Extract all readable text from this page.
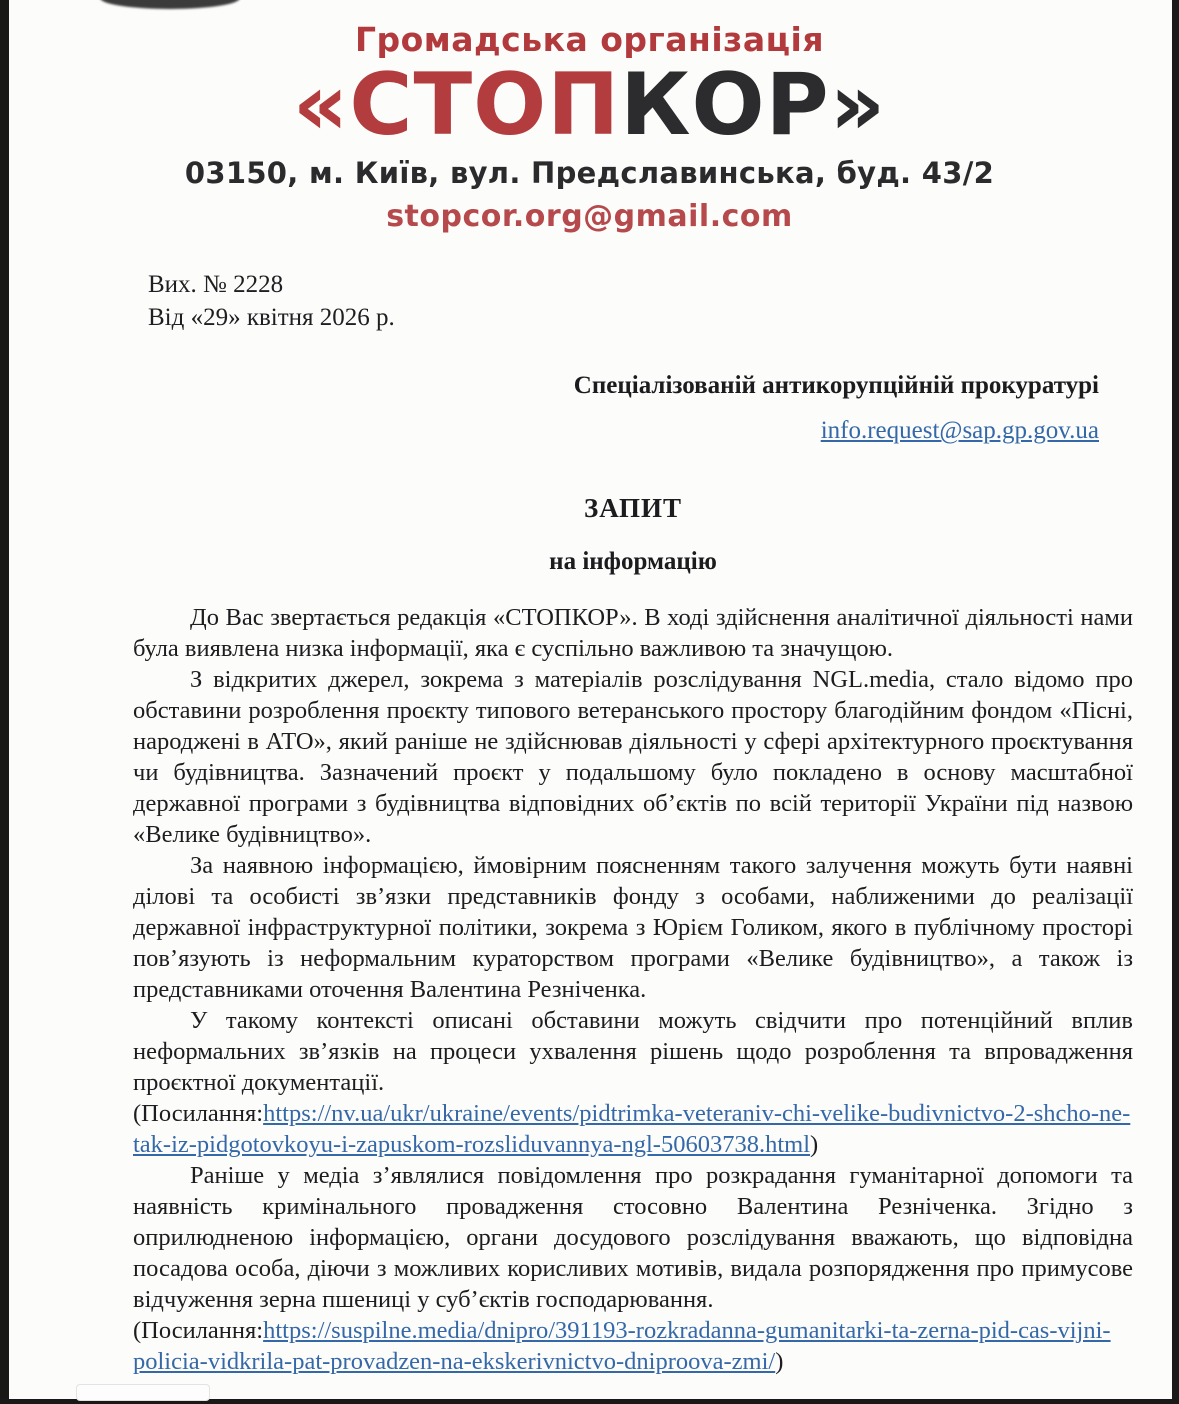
Громадська організація
«СТОПКОР»
03150, м. Київ, вул. Предславинська, буд. 43/2
stopcor.org@gmail.com
Вих. № 2228
Від «29» квітня 2026 р.
Спеціалізованій антикорупційній прокуратурі
info.request@sap.gp.gov.ua
ЗАПИТ
на інформацію

До Вас звертається редакція «СТОПКОР». В ході здійснення аналітичної діяльності нами була виявлена низка інформації, яка є суспільно важливою та значущою.

З відкритих джерел, зокрема з матеріалів розслідування NGL.media, стало відомо про обставини розроблення проєкту типового ветеранського простору благодійним фондом «Пісні, народжені в АТО», який раніше не здійснював діяльності у сфері архітектурного проєктування чи будівництва. Зазначений проєкт у подальшому було покладено в основу масштабної державної програми з будівництва відповідних об’єктів по всій території України під назвою «Велике будівництво».

За наявною інформацією, ймовірним поясненням такого залучення можуть бути наявні ділові та особисті зв’язки представників фонду з особами, наближеними до реалізації державної інфраструктурної політики, зокрема з Юрієм Голиком, якого в публічному просторі пов’язують із неформальним кураторством програми «Велике будівництво», а також із представниками оточення Валентина Резніченка.

У такому контексті описані обставини можуть свідчити про потенційний вплив неформальних зв’язків на процеси ухвалення рішень щодо розроблення та впровадження проєктної документації.

(Посилання:https://nv.ua/ukr/ukraine/events/pidtrimka-veteraniv-chi-velike-budivnictvo-2-shcho-ne-tak-iz-pidgotovkoyu-i-zapuskom-rozsliduvannya-ngl-50603738.html)

Раніше у медіа з’являлися повідомлення про розкрадання гуманітарної допомоги та наявність кримінального провадження стосовно Валентина Резніченка. Згідно з оприлюдненою інформацією, органи досудового розслідування вважають, що відповідна посадова особа, діючи з можливих корисливих мотивів, видала розпорядження про примусове відчуження зерна пшениці у суб’єктів господарювання.

(Посилання:https://suspilne.media/dnipro/391193-rozkradanna-gumanitarki-ta-zerna-pid-cas-vijni-policia-vidkrila-pat-provadzen-na-ekskerivnictvo-dniproova-zmi/)
